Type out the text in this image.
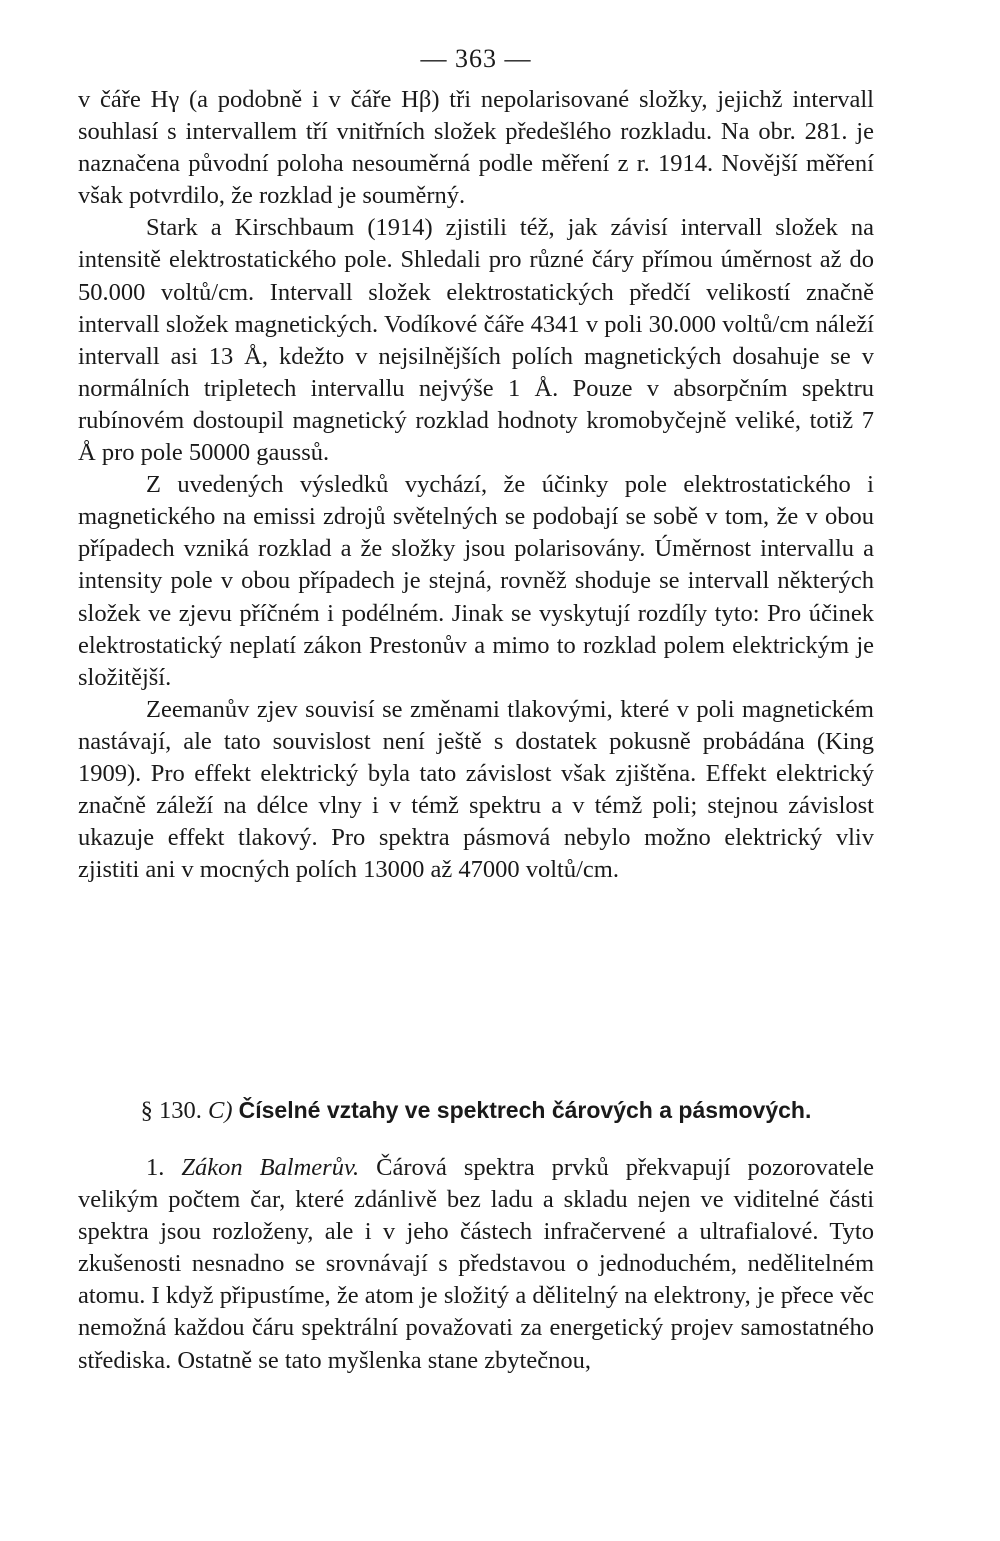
— 363 —

v čáře Hγ (a podobně i v čáře Hβ) tři nepolarisované složky, jejichž intervall souhlasí s intervallem tří vnitřních složek předešlého rozkladu. Na obr. 281. je naznačena původní poloha nesouměrná podle měření z r. 1914. Novější měření však potvrdilo, že rozklad je souměrný.

Stark a Kirschbaum (1914) zjistili též, jak závisí intervall složek na intensitě elektrostatického pole. Shledali pro různé čáry přímou úměrnost až do 50.000 voltů/cm. Intervall složek elektrostatických předčí velikostí značně intervall složek magnetických. Vodíkové čáře 4341 v poli 30.000 voltů/cm náleží intervall asi 13 Å, kdežto v nejsilnějších polích magnetických dosahuje se v normálních tripletech intervallu nejvýše 1 Å. Pouze v absorpčním spektru rubínovém dostoupil magnetický rozklad hodnoty kromobyčejně veliké, totiž 7 Å pro pole 50000 gaussů.

Z uvedených výsledků vychází, že účinky pole elektrostatického i magnetického na emissi zdrojů světelných se podobají se sobě v tom, že v obou případech vzniká rozklad a že složky jsou polarisovány. Úměrnost intervallu a intensity pole v obou případech je stejná, rovněž shoduje se intervall některých složek ve zjevu příčném i podélném. Jinak se vyskytují rozdíly tyto: Pro účinek elektrostatický neplatí zákon Prestonův a mimo to rozklad polem elektrickým je složitější.

Zeemanův zjev souvisí se změnami tlakovými, které v poli magnetickém nastávají, ale tato souvislost není ještě s dostatek pokusně probádána (King 1909). Pro effekt elektrický byla tato závislost však zjištěna. Effekt elektrický značně záleží na délce vlny i v témž spektru a v témž poli; stejnou závislost ukazuje effekt tlakový. Pro spektra pásmová nebylo možno elektrický vliv zjistiti ani v mocných polích 13000 až 47000 voltů/cm.

§ 130. C) Číselné vztahy ve spektrech čárových a pásmových.

1. Zákon Balmerův. Čárová spektra prvků překvapují pozorovatele velikým počtem čar, které zdánlivě bez ladu a skladu nejen ve viditelné části spektra jsou rozloženy, ale i v jeho částech infračervené a ultrafialové. Tyto zkušenosti nesnadno se srovnávají s představou o jednoduchém, nedělitelném atomu. I když připustíme, že atom je složitý a dělitelný na elektrony, je přece věc nemožná každou čáru spektrální považovati za energetický projev samostatného střediska. Ostatně se tato myšlenka stane zbytečnou,
